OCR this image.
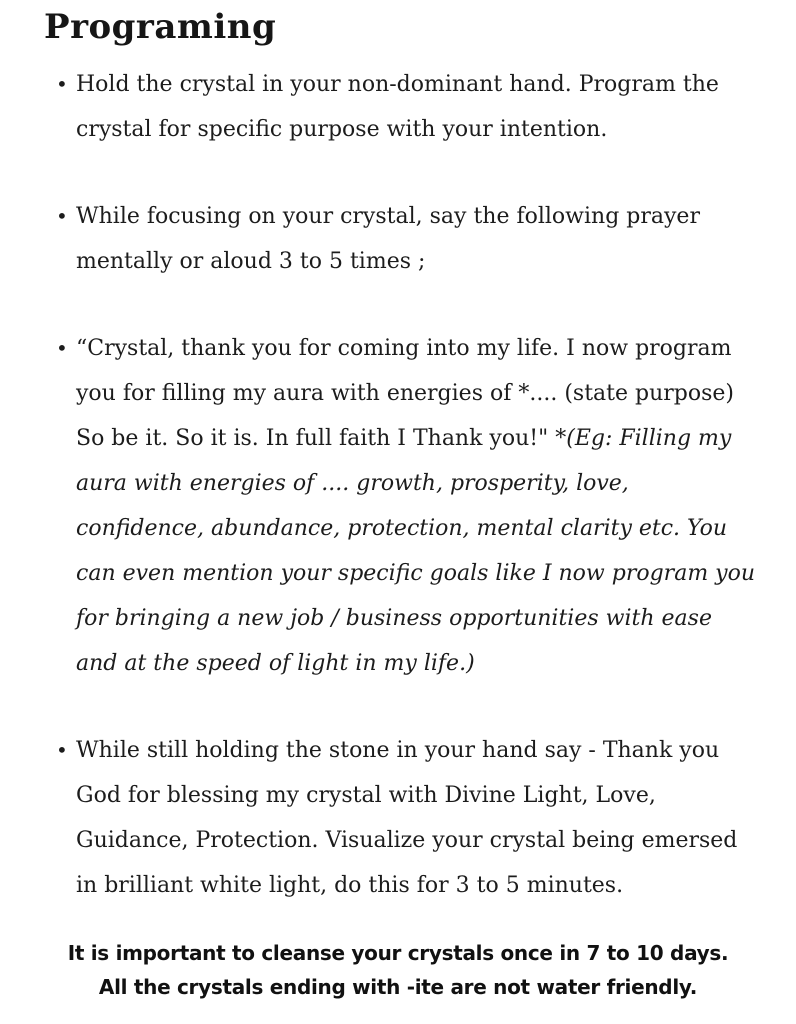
Programing
• Hold the crystal in your non-dominant hand. Program the crystal for specific purpose with your intention.
• While focusing on your crystal, say the following prayer mentally or aloud 3 to 5 times ;
• “Crystal, thank you for coming into my life. I now program you for filling my aura with energies of *.... (state purpose) So be it. So it is. In full faith I Thank you!" *(Eg: Filling my aura with energies of .... growth, prosperity, love, confidence, abundance, protection, mental clarity etc. You  can even mention your specific goals like I now program you for bringing a new job / business opportunities with ease and at the speed of light in my life.)
• While still holding the stone in your hand say - Thank you God for blessing my crystal with Divine Light, Love, Guidance, Protection. Visualize your crystal being emersed in brilliant white light, do this for 3 to 5 minutes.
It is important to cleanse your crystals once in 7 to 10 days.
All the crystals ending with -ite are not water friendly.
